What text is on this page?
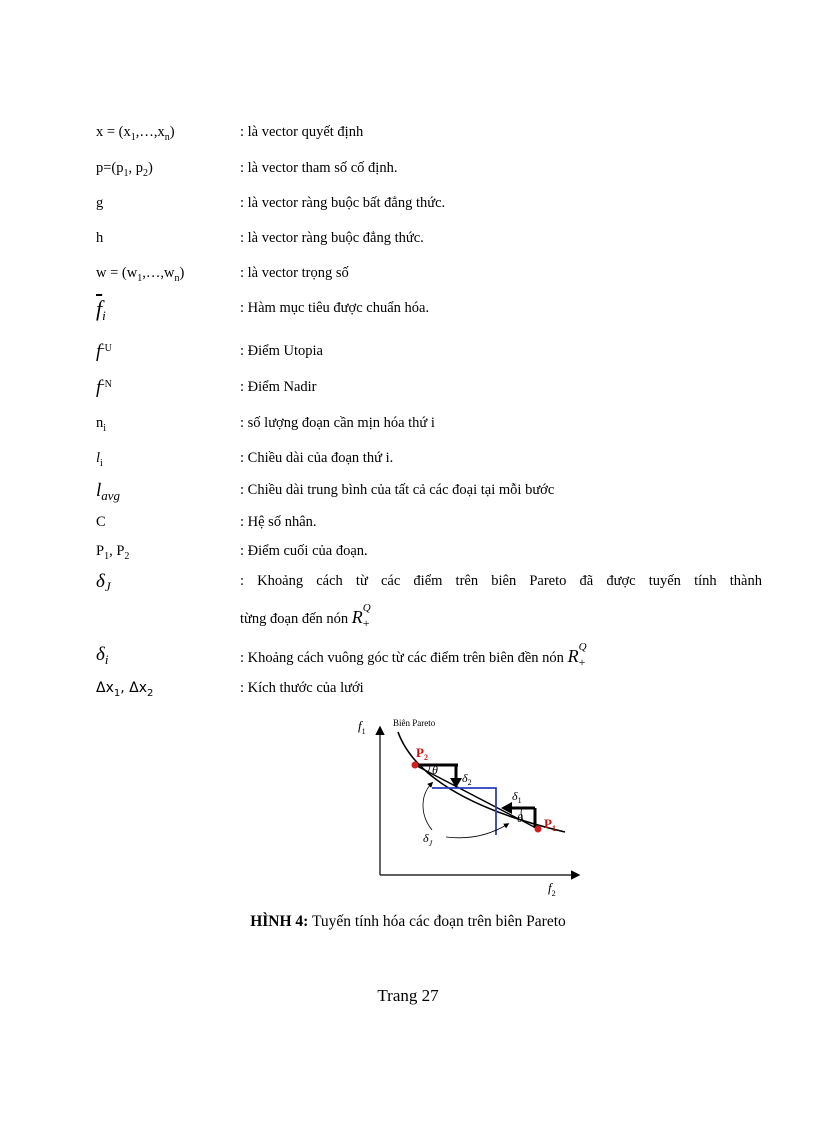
$x = (x_1,\dots,x_n)$	: là vector quyết định
$p=(p_1$, $p_2$)	: là vector tham số cố định.
g	: là vector ràng buộc bất đẳng thức.
h	: là vector ràng buộc đẳng thức.
$w = (w_1,\dots,w_n)$	: là vector trọng số
$\overline{f}_i$	: Hàm mục tiêu được chuẩn hóa.
$f^{-U}$	: Điểm Utopia
$f^{-N}$	: Điểm Nadir
$n_i$	: số lượng đoạn cần mịn hóa thứ i
$l_i$	: Chiều dài của đoạn thứ i.
$l_{avg}$	: Chiều dài trung bình của tất cả các đoại tại mỗi bước
C	: Hệ số nhân.
$P_1$, $P_2$	: Điểm cuối của đoạn.
$\delta_J$	: Khoảng cách từ các điểm trên biên Pareto đã được tuyến tính thành
từng đoạn đến nón R Q
+
$\delta_i$	: Khoảng cách vuông góc từ các điểm trên biên đền nón R Q
+
$\Delta x_1$, $\Delta x_2$	: Kích thước của lưới
$f_1$
$f_2$
Biên Pareto
θ
θ
$\delta_2$
$\delta_1$
$\delta_J$
$P_2$
$P_1$
HÌNH 4: Tuyến tính hóa các đoạn trên biên Pareto
Trang 27
